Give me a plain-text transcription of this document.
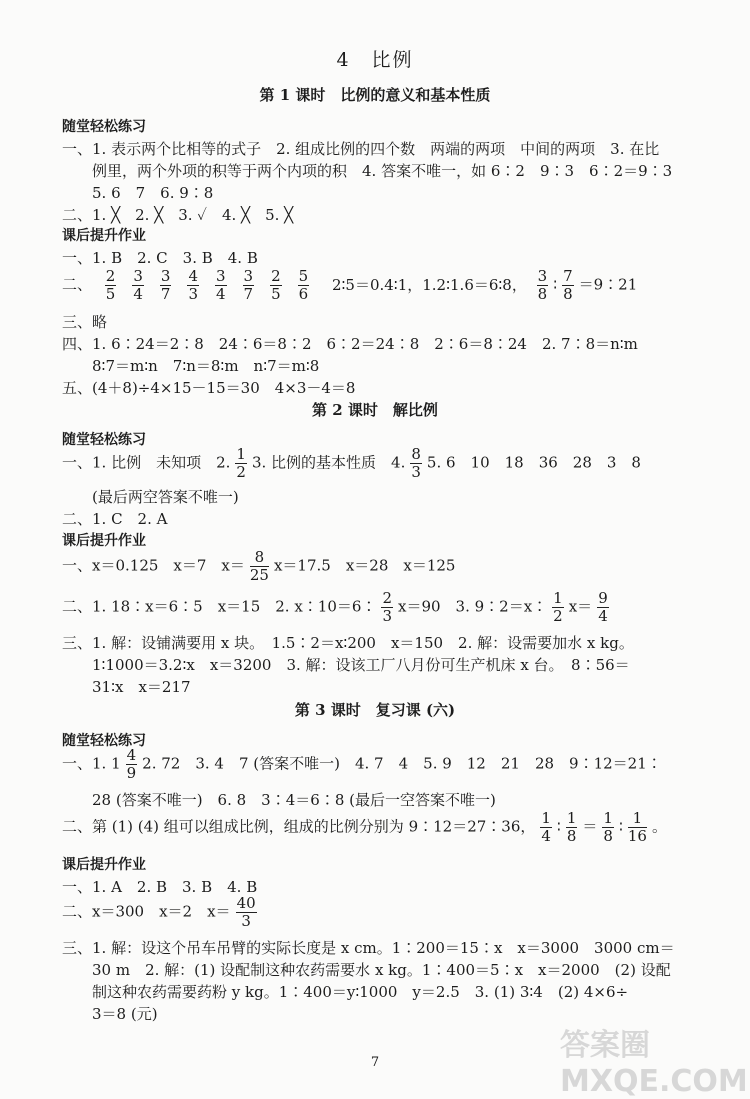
4　比例
第 1 课时　比例的意义和基本性质
随堂轻松练习
一、1. 表示两个比相等的式子　2. 组成比例的四个数　两端的两项　中间的两项　3. 在比
例里，两个外项的积等于两个内项的积　4. 答案不唯一，如 6∶2　9∶3　6∶2＝9∶3
5. 6　7　6. 9∶8
二、1. ╳　2. ╳　3. ✓　4. ╳　5. ╳
课后提升作业
一、1. B　2. C　3. B　4. B
二、 $\frac{2}{5} \frac{3}{4} \frac{3}{7} \frac{4}{3} \frac{3}{4} \frac{3}{7} \frac{2}{5} \frac{5}{6}$ 2∶5＝0.4∶1，1.2∶1.6＝6∶8， $\frac{3}{8}$ ∶ $\frac{7}{8}$ ＝9∶21
三、略
四、1. 6∶24＝2∶8　24∶6＝8∶2　6∶2＝24∶8　2∶6＝8∶24　2. 7∶8＝n∶m
8∶7＝m∶n　7∶n＝8∶m　n∶7＝m∶8
五、(4＋8)÷4×15－15＝30　4×3－4＝8
第 2 课时　解比例
随堂轻松练习
一、1. 比例　未知项　2. $\frac{1}{2} 3$. 比例的基本性质　4. $\frac{8}{3} 5$. 6　10　18　36　28　3　8
(最后两空答案不唯一)
二、1. C　2. A
课后提升作业
一、x＝0.125　x＝7　$x= \frac{8}{25} x=17.5$　x＝28　x＝125
二、1. 18∶x＝6∶5　x＝15　2. x∶10＝6∶ $\frac{2}{3} x=90$　3. 9∶2＝x∶ $\frac{1}{2} x= \frac{9}{4}$
三、1. 解：设铺满要用 x 块。　1.5∶2＝x∶200　x＝150　2. 解：设需要加水 x kg。
1∶1000＝3.2∶x　x＝3200　3. 解：设该工厂八月份可生产机床 x 台。　8∶56＝
31∶x　x＝217
第 3 课时　复习课 (六)
随堂轻松练习
一、1. $1 \frac{4}{9} 2$. 72　3. 4　7 (答案不唯一)　4. 7　4　5. 9　12　21　28　9∶12＝21∶
28 (答案不唯一)　6. 8　3∶4＝6∶8 (最后一空答案不唯一)
二、第 (1) (4) 组可以组成比例，组成的比例分别为 9∶12＝27∶36， $\frac{1}{4}$ ∶ $\frac{1}{8} = \frac{1}{8}$ ∶ $\frac{1}{16}$ 。
课后提升作业
一、1. A　2. B　3. B　4. B
二、x＝300　x＝2　$x= \frac{40}{3}$
三、1. 解：设这个吊车吊臂的实际长度是 x cm。1∶200＝15∶x　x＝3000　3000 cm＝
30 m　2. 解：(1) 设配制这种农药需要水 x kg。1∶400＝5∶x　x＝2000　(2) 设配
制这种农药需要药粉 y kg。1∶400＝y∶1000　y＝2.5　3. (1) 3∶4　(2) 4×6÷
3＝8 (元)
7	答案圈 MXQE.COM
